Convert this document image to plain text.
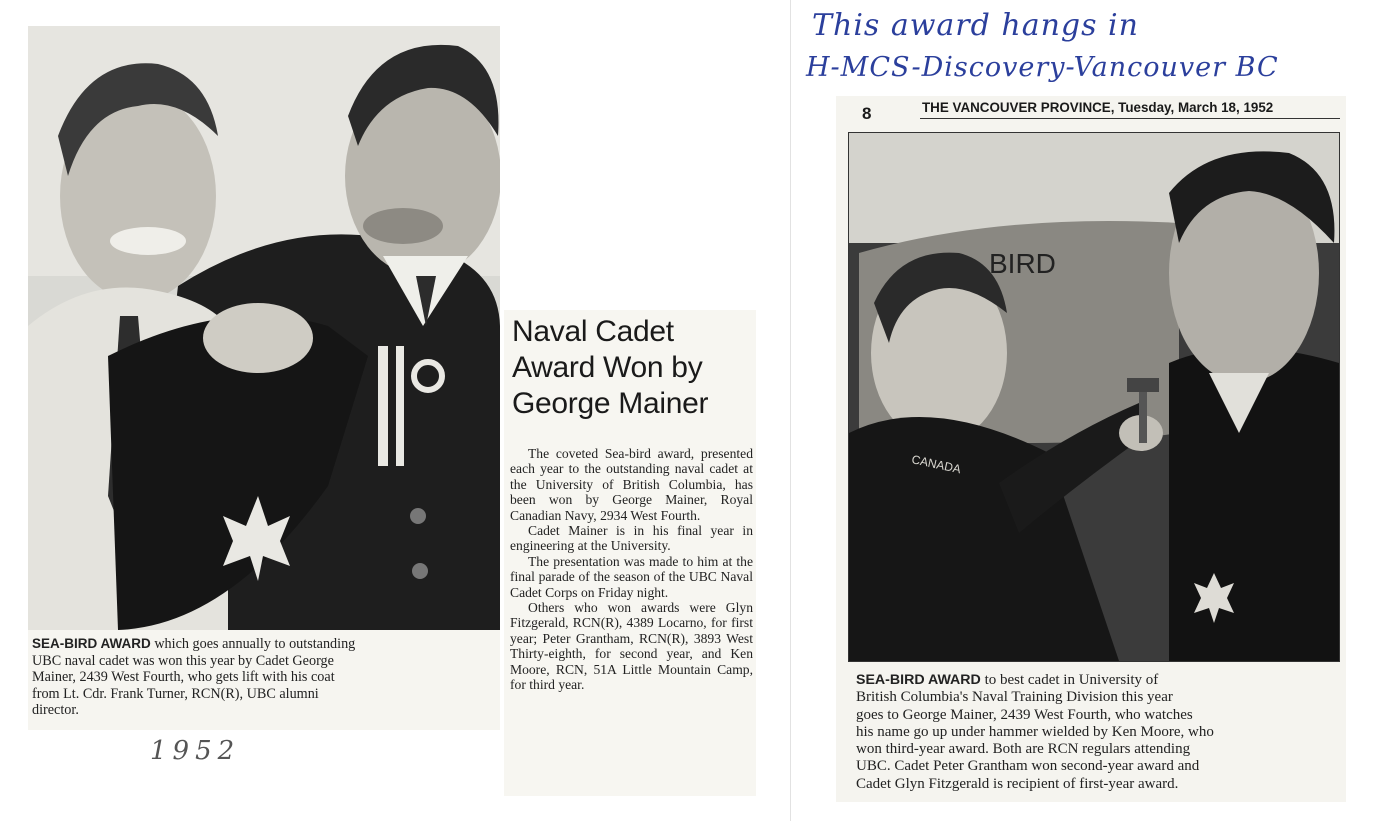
SEA-BIRD AWARD which goes annually to outstanding
UBC naval cadet was won this year by Cadet George
Mainer, 2439 West Fourth, who gets lift with his coat
from Lt. Cdr. Frank Turner, RCN(R), UBC alumni
director.
1952
Naval Cadet
Award Won by
George Mainer

The coveted Sea-bird award, presented each year to the outstanding naval cadet at the University of British Columbia, has been won by George Mainer, Royal Canadian Navy, 2934 West Fourth.

Cadet Mainer is in his final year in engineering at the University.

The presentation was made to him at the final parade of the season of the UBC Naval Cadet Corps on Friday night.

Others who won awards were Glyn Fitzgerald, RCN(R), 4389 Locarno, for first year; Peter Grantham, RCN(R), 3893 West Thirty-eighth, for second year, and Ken Moore, RCN, 51A Little Mountain Camp, for third year.

This award hangs in
H-MCS-Discovery-Vancouver BC
8	THE VANCOUVER PROVINCE, Tuesday, March 18, 1952
BIRD
CANADA
SEA-BIRD AWARD to best cadet in University of
British Columbia's Naval Training Division this year
goes to George Mainer, 2439 West Fourth, who watches
his name go up under hammer wielded by Ken Moore, who
won third-year award. Both are RCN regulars attending
UBC. Cadet Peter Grantham won second-year award and
Cadet Glyn Fitzgerald is recipient of first-year award.
